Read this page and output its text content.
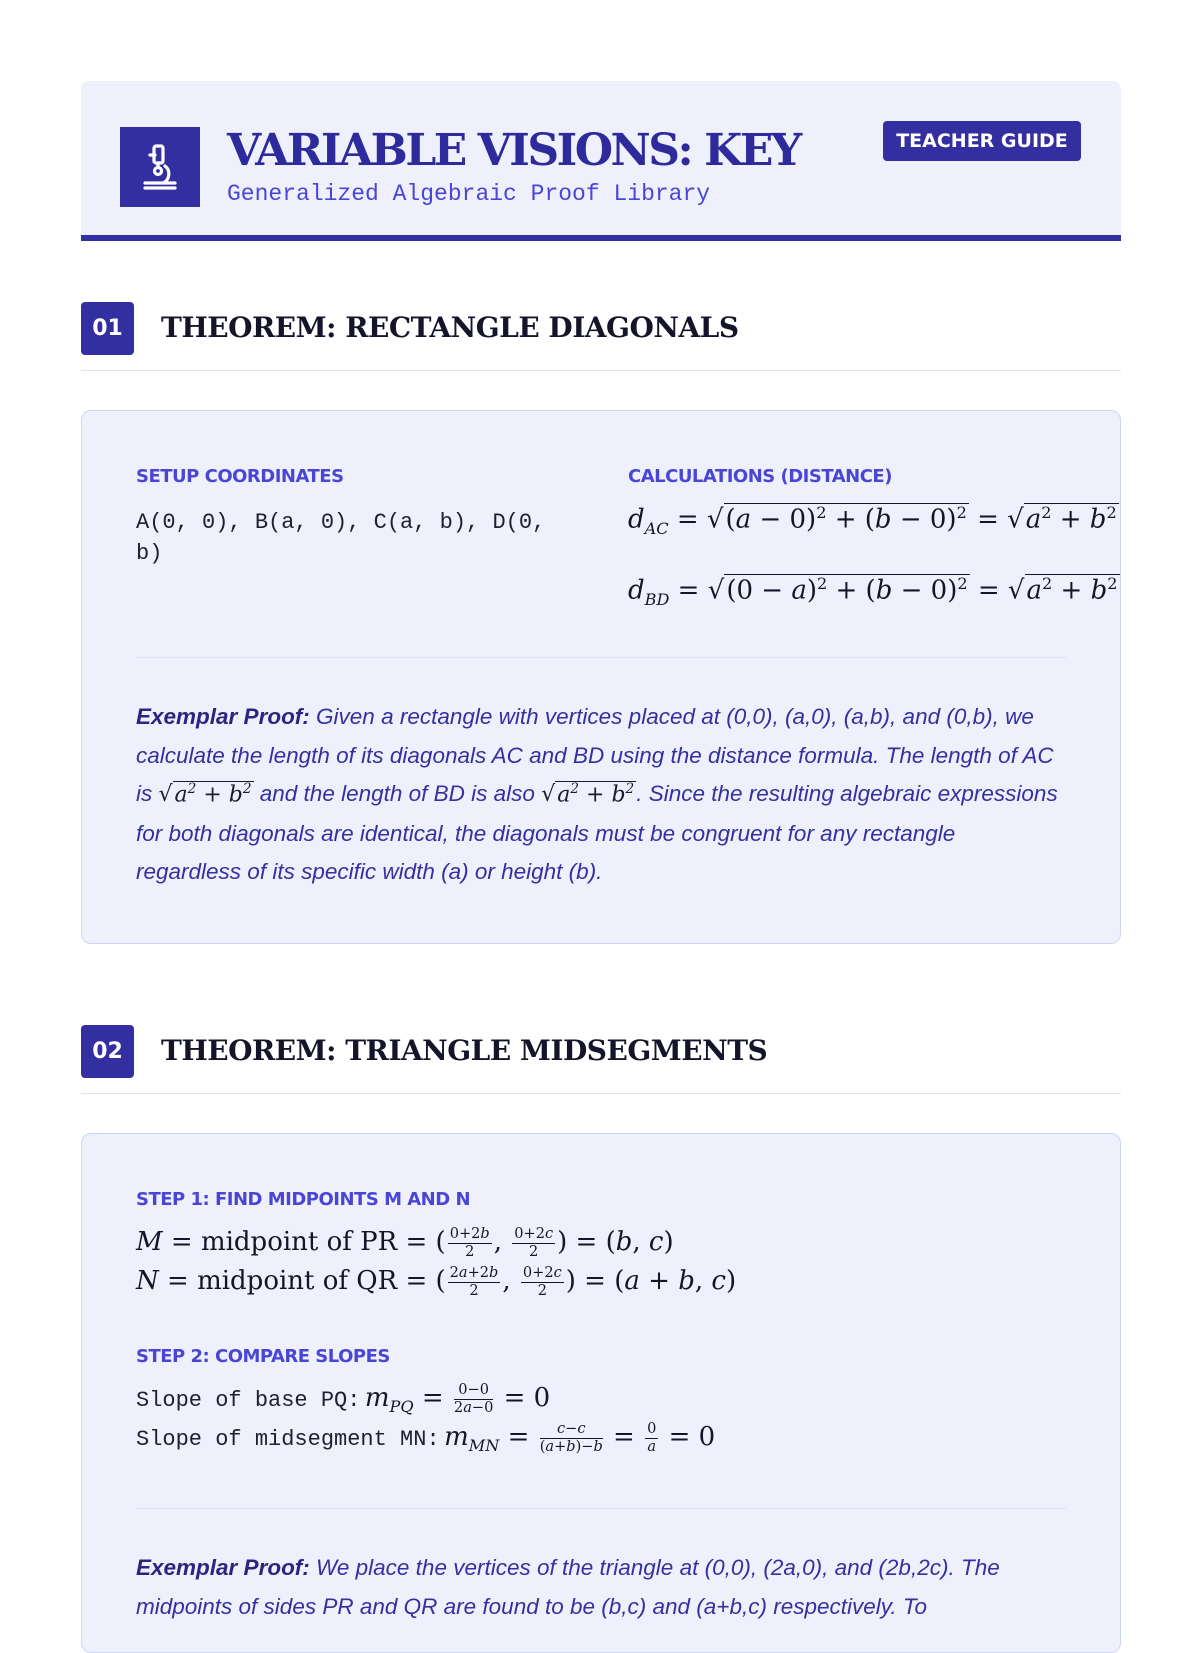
VARIABLE VISIONS: KEY
Generalized Algebraic Proof Library
TEACHER GUIDE
01	THEOREM: RECTANGLE DIAGONALS
SETUP COORDINATES
A(0, 0), B(a, 0), C(a, b), D(0, b)
CALCULATIONS (DISTANCE)
$d_{AC} = √(a - 0)^2 + (b - 0)^2 = √a^2 + b^2$
$d_{BD} = √(0 - a)^2 + (b - 0)^2 = √a^2 + b^2$

Exemplar Proof: Given a rectangle with vertices placed at (0,0), (a,0), (a,b), and (0,b), we calculate the length of its diagonals AC and BD using the distance formula. The length of AC is $√a^2 + b^2$ and the length of BD is also $√a^2 + b^2$. Since the resulting algebraic expressions for both diagonals are identical, the diagonals must be congruent for any rectangle regardless of its specific width (a) or height (b).

02	THEOREM: TRIANGLE MIDSEGMENTS
STEP 1: FIND MIDPOINTS M AND N
M = midpoint of PR = ( $\frac{0+2b}{2}$ , $\frac{0+2c}{2}$ ) = (b, c)
N = midpoint of QR = ( $\frac{2a+2b}{2}$ , $\frac{0+2c}{2}$ ) = (a + b, c)
STEP 2: COMPARE SLOPES
Slope of base PQ: $m_{PQ} = \frac{0-0}{2a-0} = 0$
Slope of midsegment MN: $m_{MN} = \frac{c-c}{(a+b)-b} = \frac{0}{a} = 0$

Exemplar Proof: We place the vertices of the triangle at (0,0), (2a,0), and (2b,2c). The midpoints of sides PR and QR are found to be (b,c) and (a+b,c) respectively. To
